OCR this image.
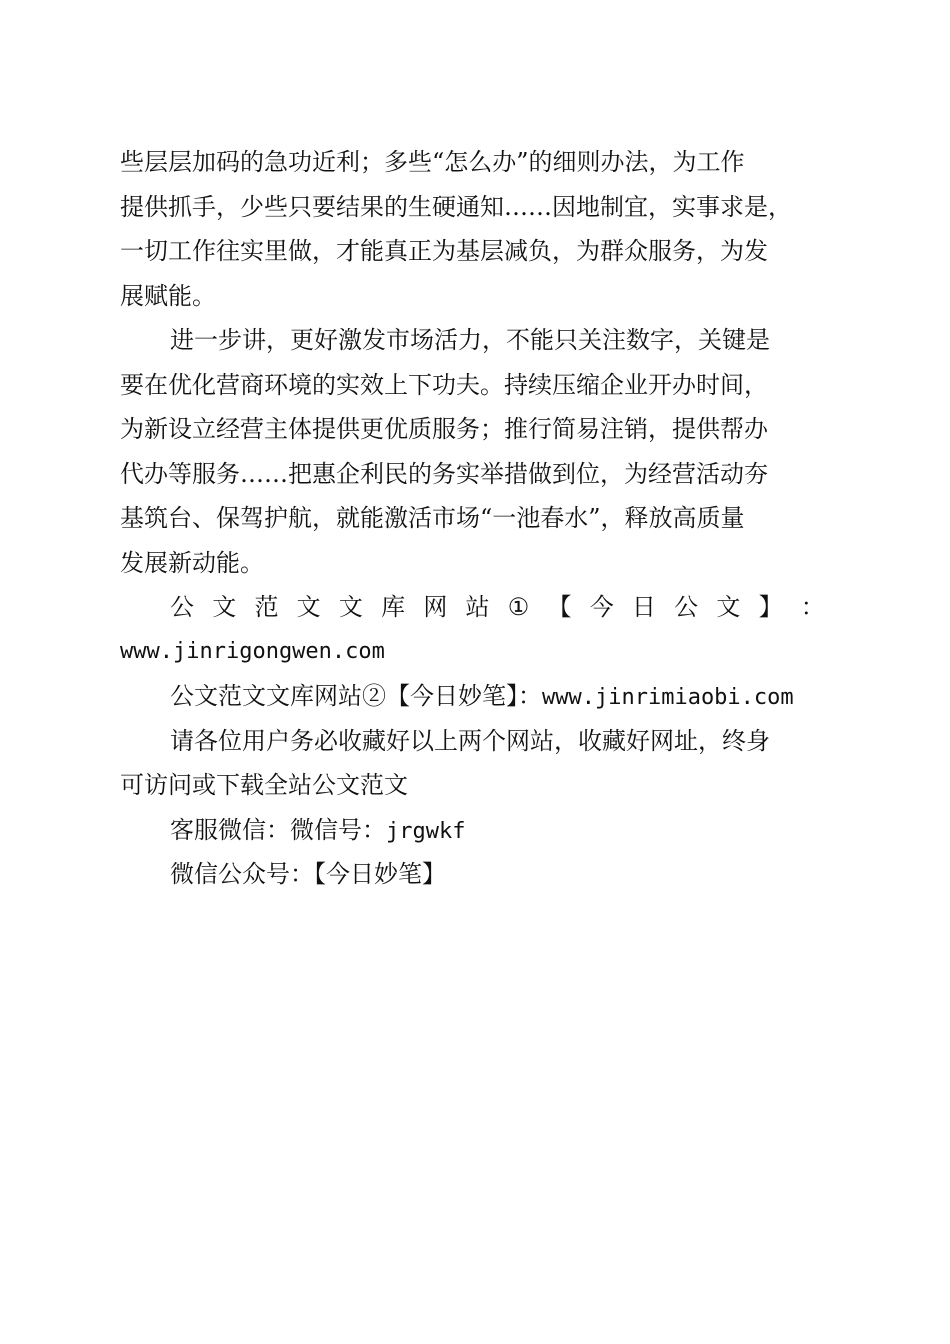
些层层加码的急功近利；多些“怎么办”的细则办法，为工作
提供抓手，少些只要结果的生硬通知……因地制宜，实事求是，
一切工作往实里做，才能真正为基层减负，为群众服务，为发
展赋能。
进一步讲，更好激发市场活力，不能只关注数字，关键是
要在优化营商环境的实效上下功夫。持续压缩企业开办时间，
为新设立经营主体提供更优质服务；推行简易注销，提供帮办
代办等服务……把惠企利民的务实举措做到位，为经营活动夯
基筑台、保驾护航，就能激活市场“一池春水”，释放高质量
发展新动能。
公 文 范 文 文 库 网 站 ① 【 今 日 公 文 】 ：
www.jinrigongwen.com
公文范文文库网站②【今日妙笔】：www.jinrimiaobi.com
请各位用户务必收藏好以上两个网站，收藏好网址，终身
可访问或下载全站公文范文
客服微信：微信号：jrgwkf
微信公众号：【今日妙笔】
